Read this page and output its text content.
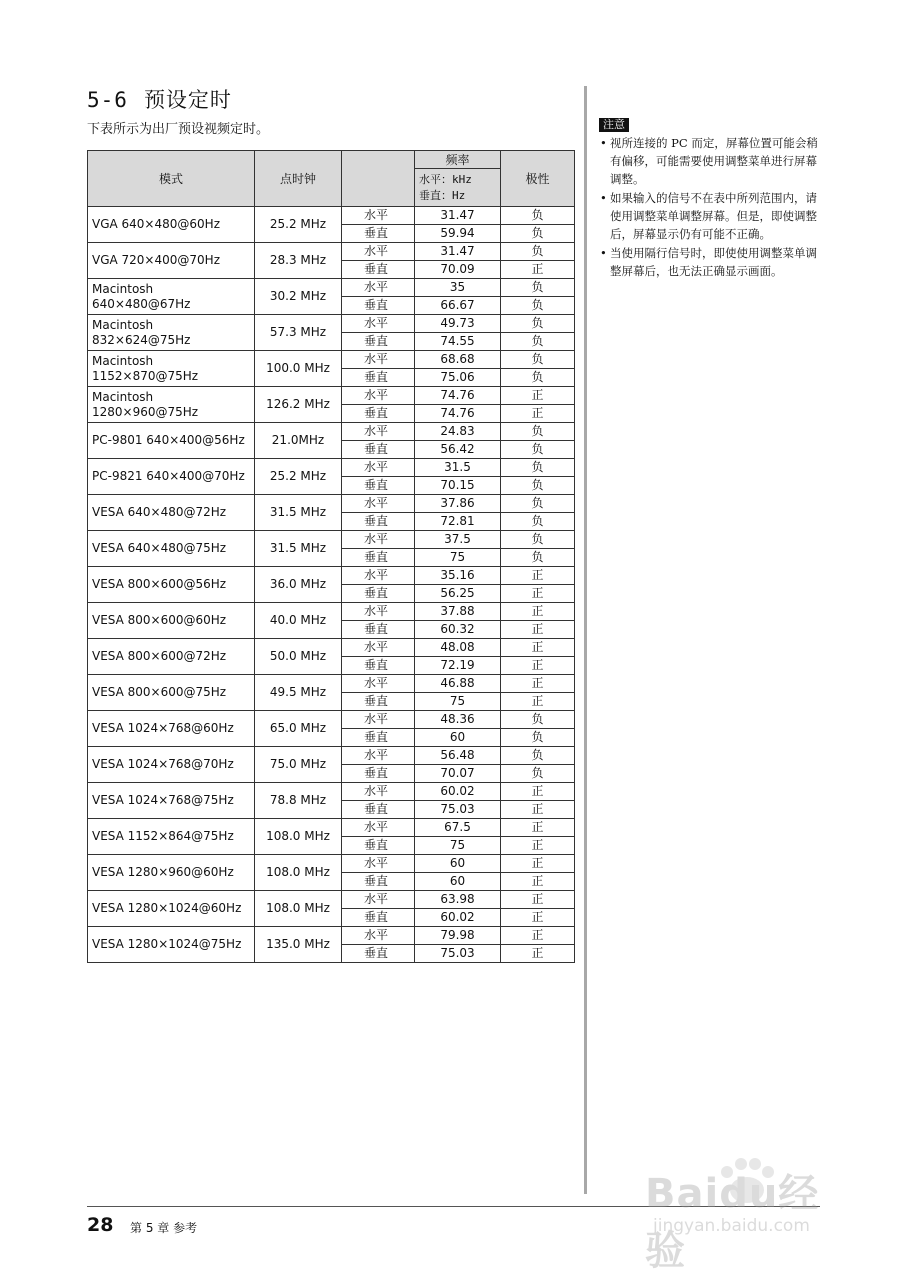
5-6 预设定时
下表所示为出厂预设视频定时。
模式	点时钟		频率	极性

			水平：kHz
垂直：Hz	

VGA 640×480@60Hz	25.2 MHz	水平	31.47	负
		垂直	59.94	负
VGA 720×400@70Hz	28.3 MHz	水平	31.47	负
		垂直	70.09	正
Macintosh
640×480@67Hz	30.2 MHz	水平	35	负
		垂直	66.67	负
Macintosh
832×624@75Hz	57.3 MHz	水平	49.73	负
		垂直	74.55	负
Macintosh
1152×870@75Hz	100.0 MHz	水平	68.68	负
		垂直	75.06	负
Macintosh
1280×960@75Hz	126.2 MHz	水平	74.76	正
		垂直	74.76	正
PC-9801 640×400@56Hz	21.0MHz	水平	24.83	负
		垂直	56.42	负
PC-9821 640×400@70Hz	25.2 MHz	水平	31.5	负
		垂直	70.15	负
VESA 640×480@72Hz	31.5 MHz	水平	37.86	负
		垂直	72.81	负
VESA 640×480@75Hz	31.5 MHz	水平	37.5	负
		垂直	75	负
VESA 800×600@56Hz	36.0 MHz	水平	35.16	正
		垂直	56.25	正
VESA 800×600@60Hz	40.0 MHz	水平	37.88	正
		垂直	60.32	正
VESA 800×600@72Hz	50.0 MHz	水平	48.08	正
		垂直	72.19	正
VESA 800×600@75Hz	49.5 MHz	水平	46.88	正
		垂直	75	正
VESA 1024×768@60Hz	65.0 MHz	水平	48.36	负
		垂直	60	负
VESA 1024×768@70Hz	75.0 MHz	水平	56.48	负
		垂直	70.07	负
VESA 1024×768@75Hz	78.8 MHz	水平	60.02	正
		垂直	75.03	正
VESA 1152×864@75Hz	108.0 MHz	水平	67.5	正
		垂直	75	正
VESA 1280×960@60Hz	108.0 MHz	水平	60	正
		垂直	60	正
VESA 1280×1024@60Hz	108.0 MHz	水平	63.98	正
		垂直	60.02	正
VESA 1280×1024@75Hz	135.0 MHz	水平	79.98	正
		垂直	75.03	正
注意
• 视所连接的 PC 而定，屏幕位置可能会稍有偏移，可能需要使用调整菜单进行屏幕调整。
• 如果输入的信号不在表中所列范围内，请使用调整菜单调整屏幕。但是，即使调整后，屏幕显示仍有可能不正确。
• 当使用隔行信号时，即使使用调整菜单调整屏幕后，也无法正确显示画面。
28 第 5 章 参考
Baidu经验
jingyan.baidu.com
